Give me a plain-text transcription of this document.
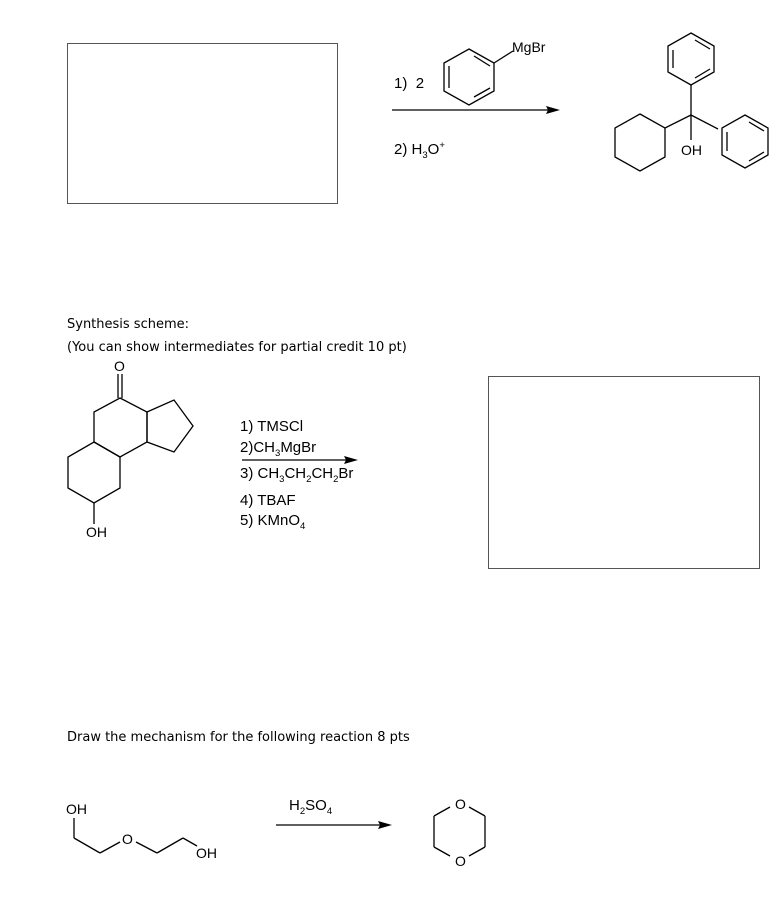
1) 2
MgBr
2) $H_3O^+$	OH
Synthesis scheme:
(You can show intermediates for partial credit 10 pt)
O
OH
1) TMSCl
$2)CH_3MgBr$
3) $CH_3CH_2CH_2Br$
4) TBAF
5) KMnO$_4$
Draw the mechanism for the following reaction 8 pts
OH
O
OH
$H_2SO_4$	O
O
